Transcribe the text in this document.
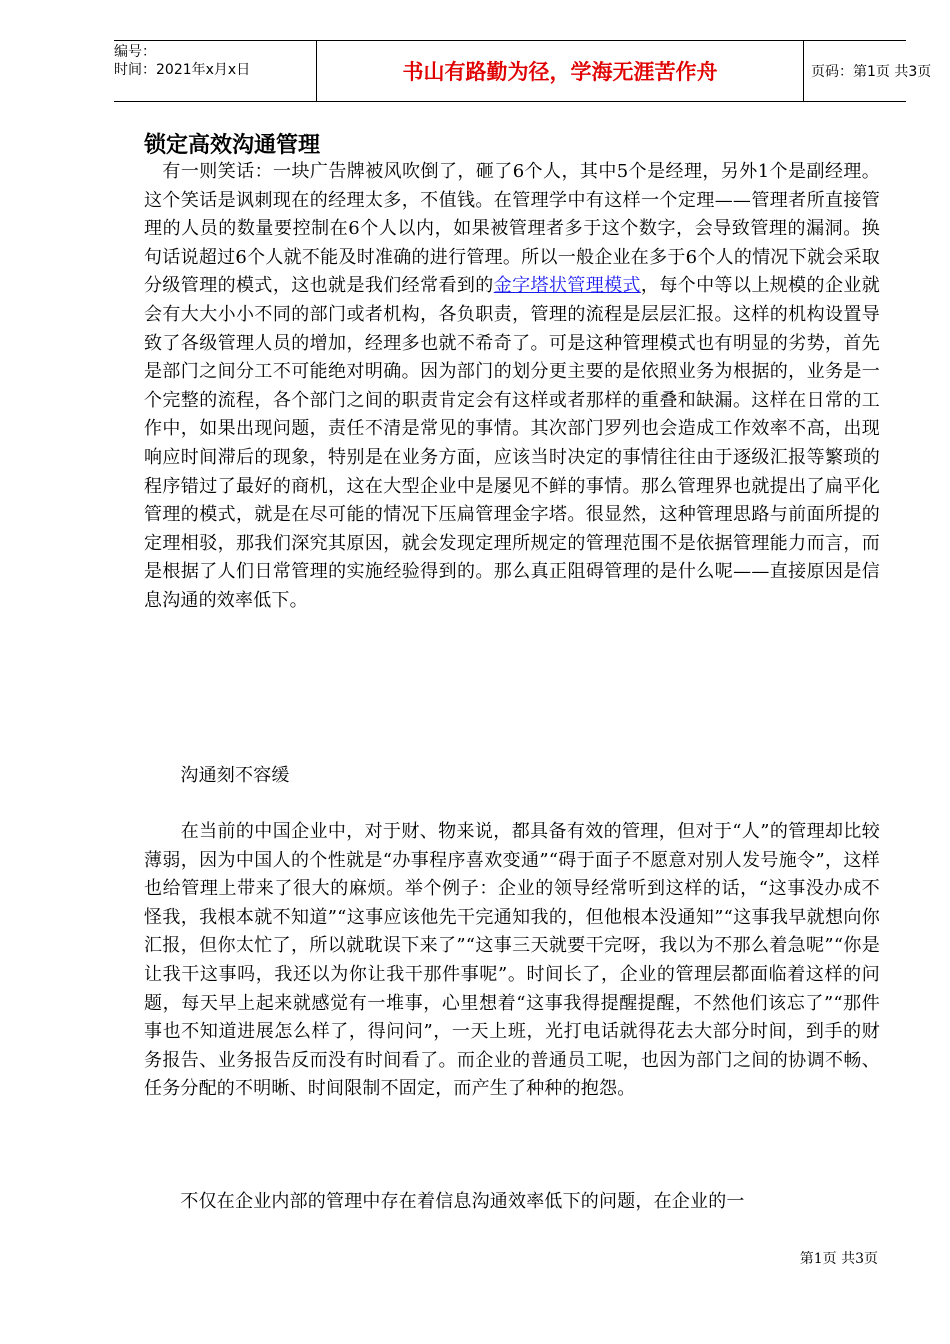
编号：
时间：2021年x月x日	书山有路勤为径，学海无涯苦作舟	页码：第1页 共3页
锁定高效沟通管理

　有一则笑话：一块广告牌被风吹倒了，砸了6个人，其中5个是经理，另外1个是副经理。这个笑话是讽刺现在的经理太多，不值钱。在管理学中有这样一个定理——管理者所直接管理的人员的数量要控制在6个人以内，如果被管理者多于这个数字，会导致管理的漏洞。换句话说超过6个人就不能及时准确的进行管理。所以一般企业在多于6个人的情况下就会采取分级管理的模式，这也就是我们经常看到的金字塔状管理模式，每个中等以上规模的企业就会有大大小小不同的部门或者机构，各负职责，管理的流程是层层汇报。这样的机构设置导致了各级管理人员的增加，经理多也就不希奇了。可是这种管理模式也有明显的劣势，首先是部门之间分工不可能绝对明确。因为部门的划分更主要的是依照业务为根据的，业务是一个完整的流程，各个部门之间的职责肯定会有这样或者那样的重叠和缺漏。这样在日常的工作中，如果出现问题，责任不清是常见的事情。其次部门罗列也会造成工作效率不高，出现响应时间滞后的现象，特别是在业务方面，应该当时决定的事情往往由于逐级汇报等繁琐的程序错过了最好的商机，这在大型企业中是屡见不鲜的事情。那么管理界也就提出了扁平化管理的模式，就是在尽可能的情况下压扁管理金字塔。很显然，这种管理思路与前面所提的定理相驳，那我们深究其原因，就会发现定理所规定的管理范围不是依据管理能力而言，而是根据了人们日常管理的实施经验得到的。那么真正阻碍管理的是什么呢——直接原因是信息沟通的效率低下。

　　沟通刻不容缓

　　在当前的中国企业中，对于财、物来说，都具备有效的管理，但对于“人”的管理却比较薄弱，因为中国人的个性就是“办事程序喜欢变通”“碍于面子不愿意对别人发号施令”，这样也给管理上带来了很大的麻烦。举个例子：企业的领导经常听到这样的话，“这事没办成不怪我，我根本就不知道”“这事应该他先干完通知我的，但他根本没通知”“这事我早就想向你汇报，但你太忙了，所以就耽误下来了”“这事三天就要干完呀，我以为不那么着急呢”“你是让我干这事吗，我还以为你让我干那件事呢”。时间长了，企业的管理层都面临着这样的问题，每天早上起来就感觉有一堆事，心里想着“这事我得提醒提醒，不然他们该忘了”“那件事也不知道进展怎么样了，得问问”，一天上班，光打电话就得花去大部分时间，到手的财务报告、业务报告反而没有时间看了。而企业的普通员工呢，也因为部门之间的协调不畅、任务分配的不明晰、时间限制不固定，而产生了种种的抱怨。

　　不仅在企业内部的管理中存在着信息沟通效率低下的问题，在企业的一

第1页 共3页
